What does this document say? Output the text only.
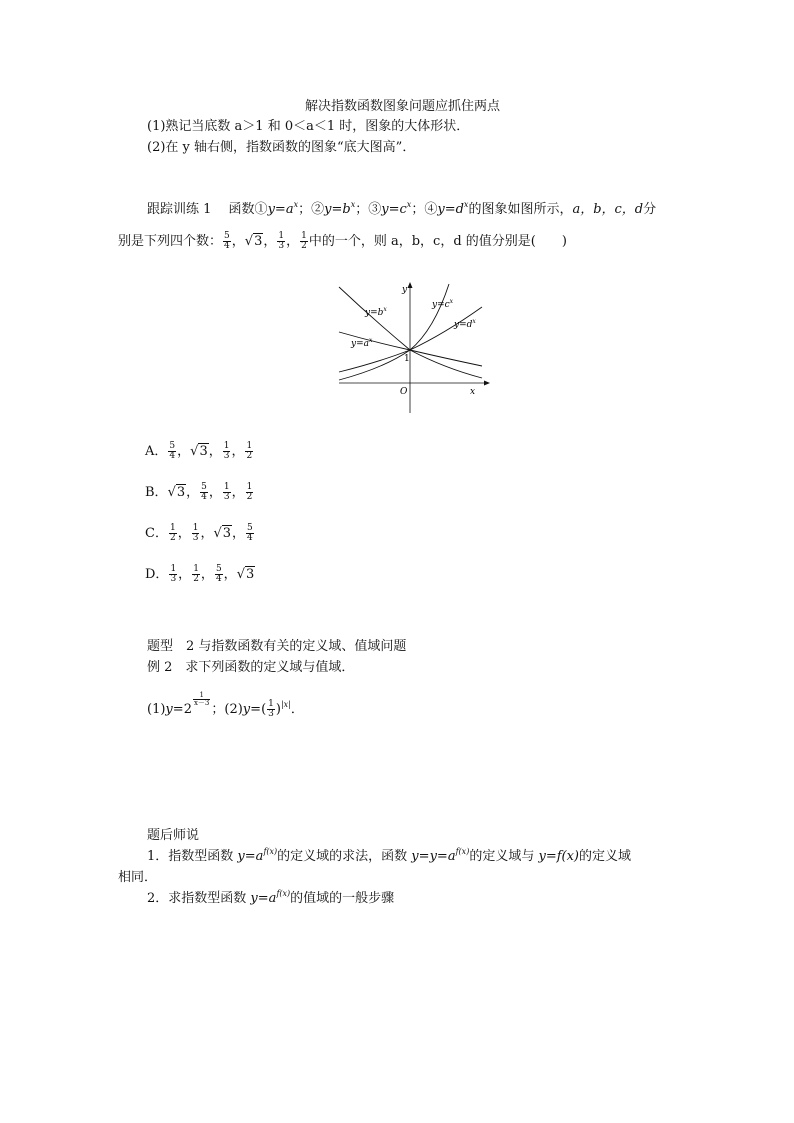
解决指数函数图象问题应抓住两点
(1)熟记当底数 a＞1 和 0＜a＜1 时，图象的大体形状．
(2)在 y 轴右侧，指数函数的图象“底大图高”．
跟踪训练 1　 函数$①y=a^x$；$②y=b^x$；$③y=c^x$；$④y=d^x$的图象如图所示，a，b，c，d分
别是下列四个数： $\frac{5}{4}$ ，√3， $\frac{1}{3}$ ， $\frac{1}{2}$ 中的一个，则 a，b，c，d 的值分别是(　　)
$y=b^x$	$y=c^x$
$y=d^x$
$y=a^x$
y
x
O
1
A． $\frac{5}{4}$ ，√3， $\frac{1}{3}$ ， $\frac{1}{2}$
B．√3， $\frac{5}{4}$ ， $\frac{1}{3}$ ， $\frac{1}{2}$
C． $\frac{1}{2}$ ， $\frac{1}{3}$ ，√3， $\frac{5}{4}$
D． $\frac{1}{3}$ ， $\frac{1}{2}$ ， $\frac{5}{4}$ ，√3
题型　2 与指数函数有关的定义域、值域问题
例 2　求下列函数的定义域与值域．
(1)y=2
$\frac{1}{x-3}$
；$(2)y=( \frac{1}{3} )^{|x|}$．
题后师说
1．指数型函数 $y=a^{f(x)}$的定义域的求法，函数 $y=y=a^{f(x)}$的定义域与 y=f(x)的定义域
相同．
2．求指数型函数 $y=a^{f(x)}$的值域的一般步骤
